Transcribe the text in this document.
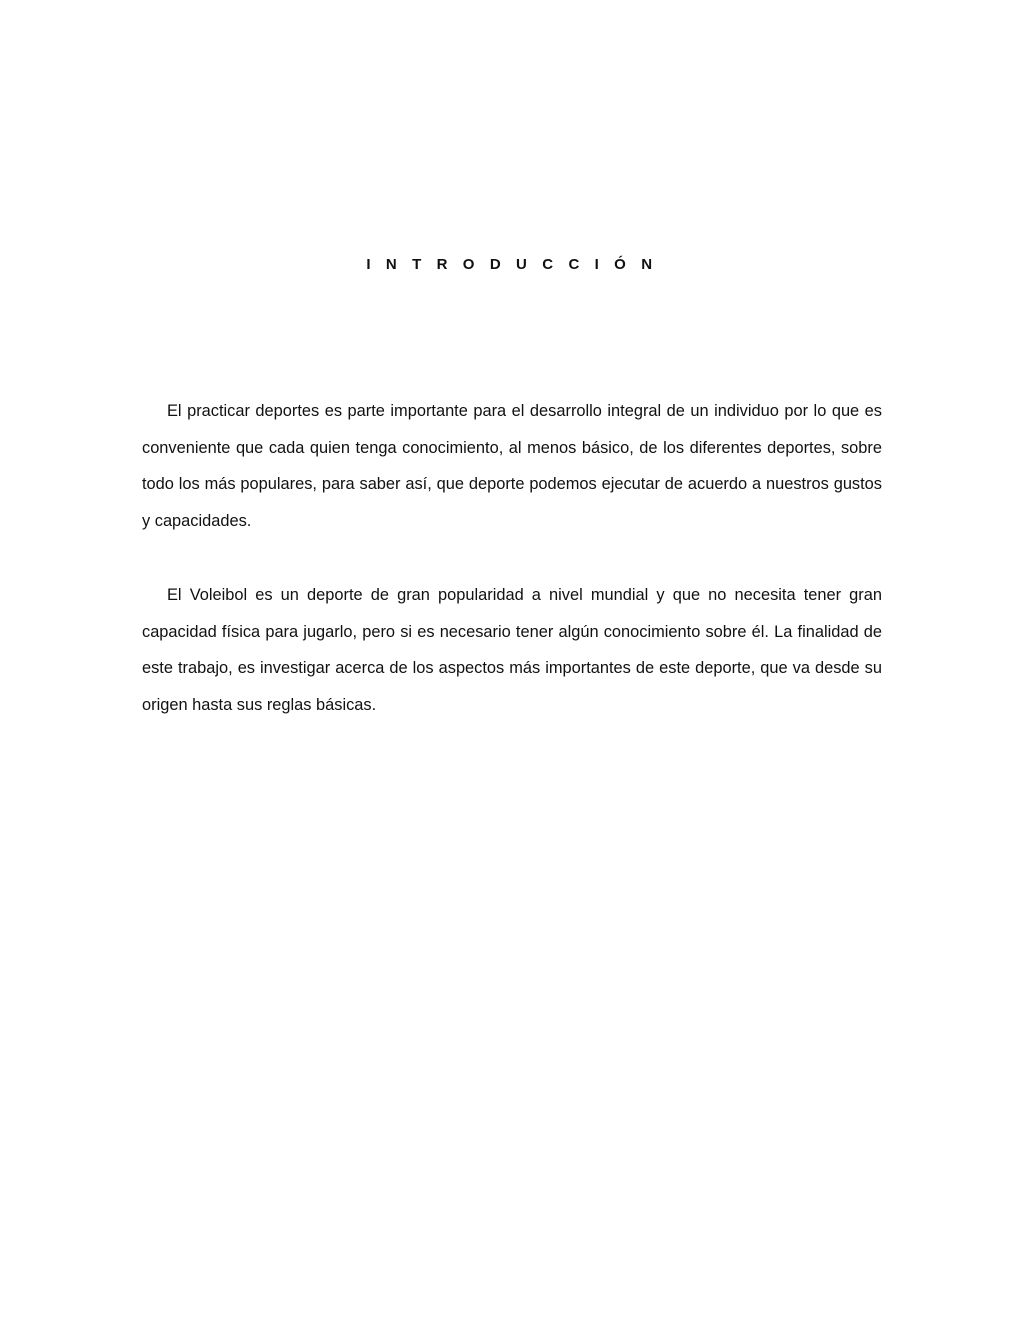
I N T R O D U C C I Ó N

El practicar deportes es parte importante para el desarrollo integral de un individuo por lo que es conveniente que cada quien tenga conocimiento, al menos básico, de los diferentes deportes, sobre todo los más populares, para saber así, que deporte podemos ejecutar de acuerdo a nuestros gustos y capacidades.

El Voleibol es un deporte de gran popularidad a nivel mundial y que no necesita tener gran capacidad física para jugarlo, pero si es necesario tener algún conocimiento sobre él. La finalidad de este trabajo, es investigar acerca de los aspectos más importantes de este deporte, que va desde su origen hasta sus reglas básicas.
